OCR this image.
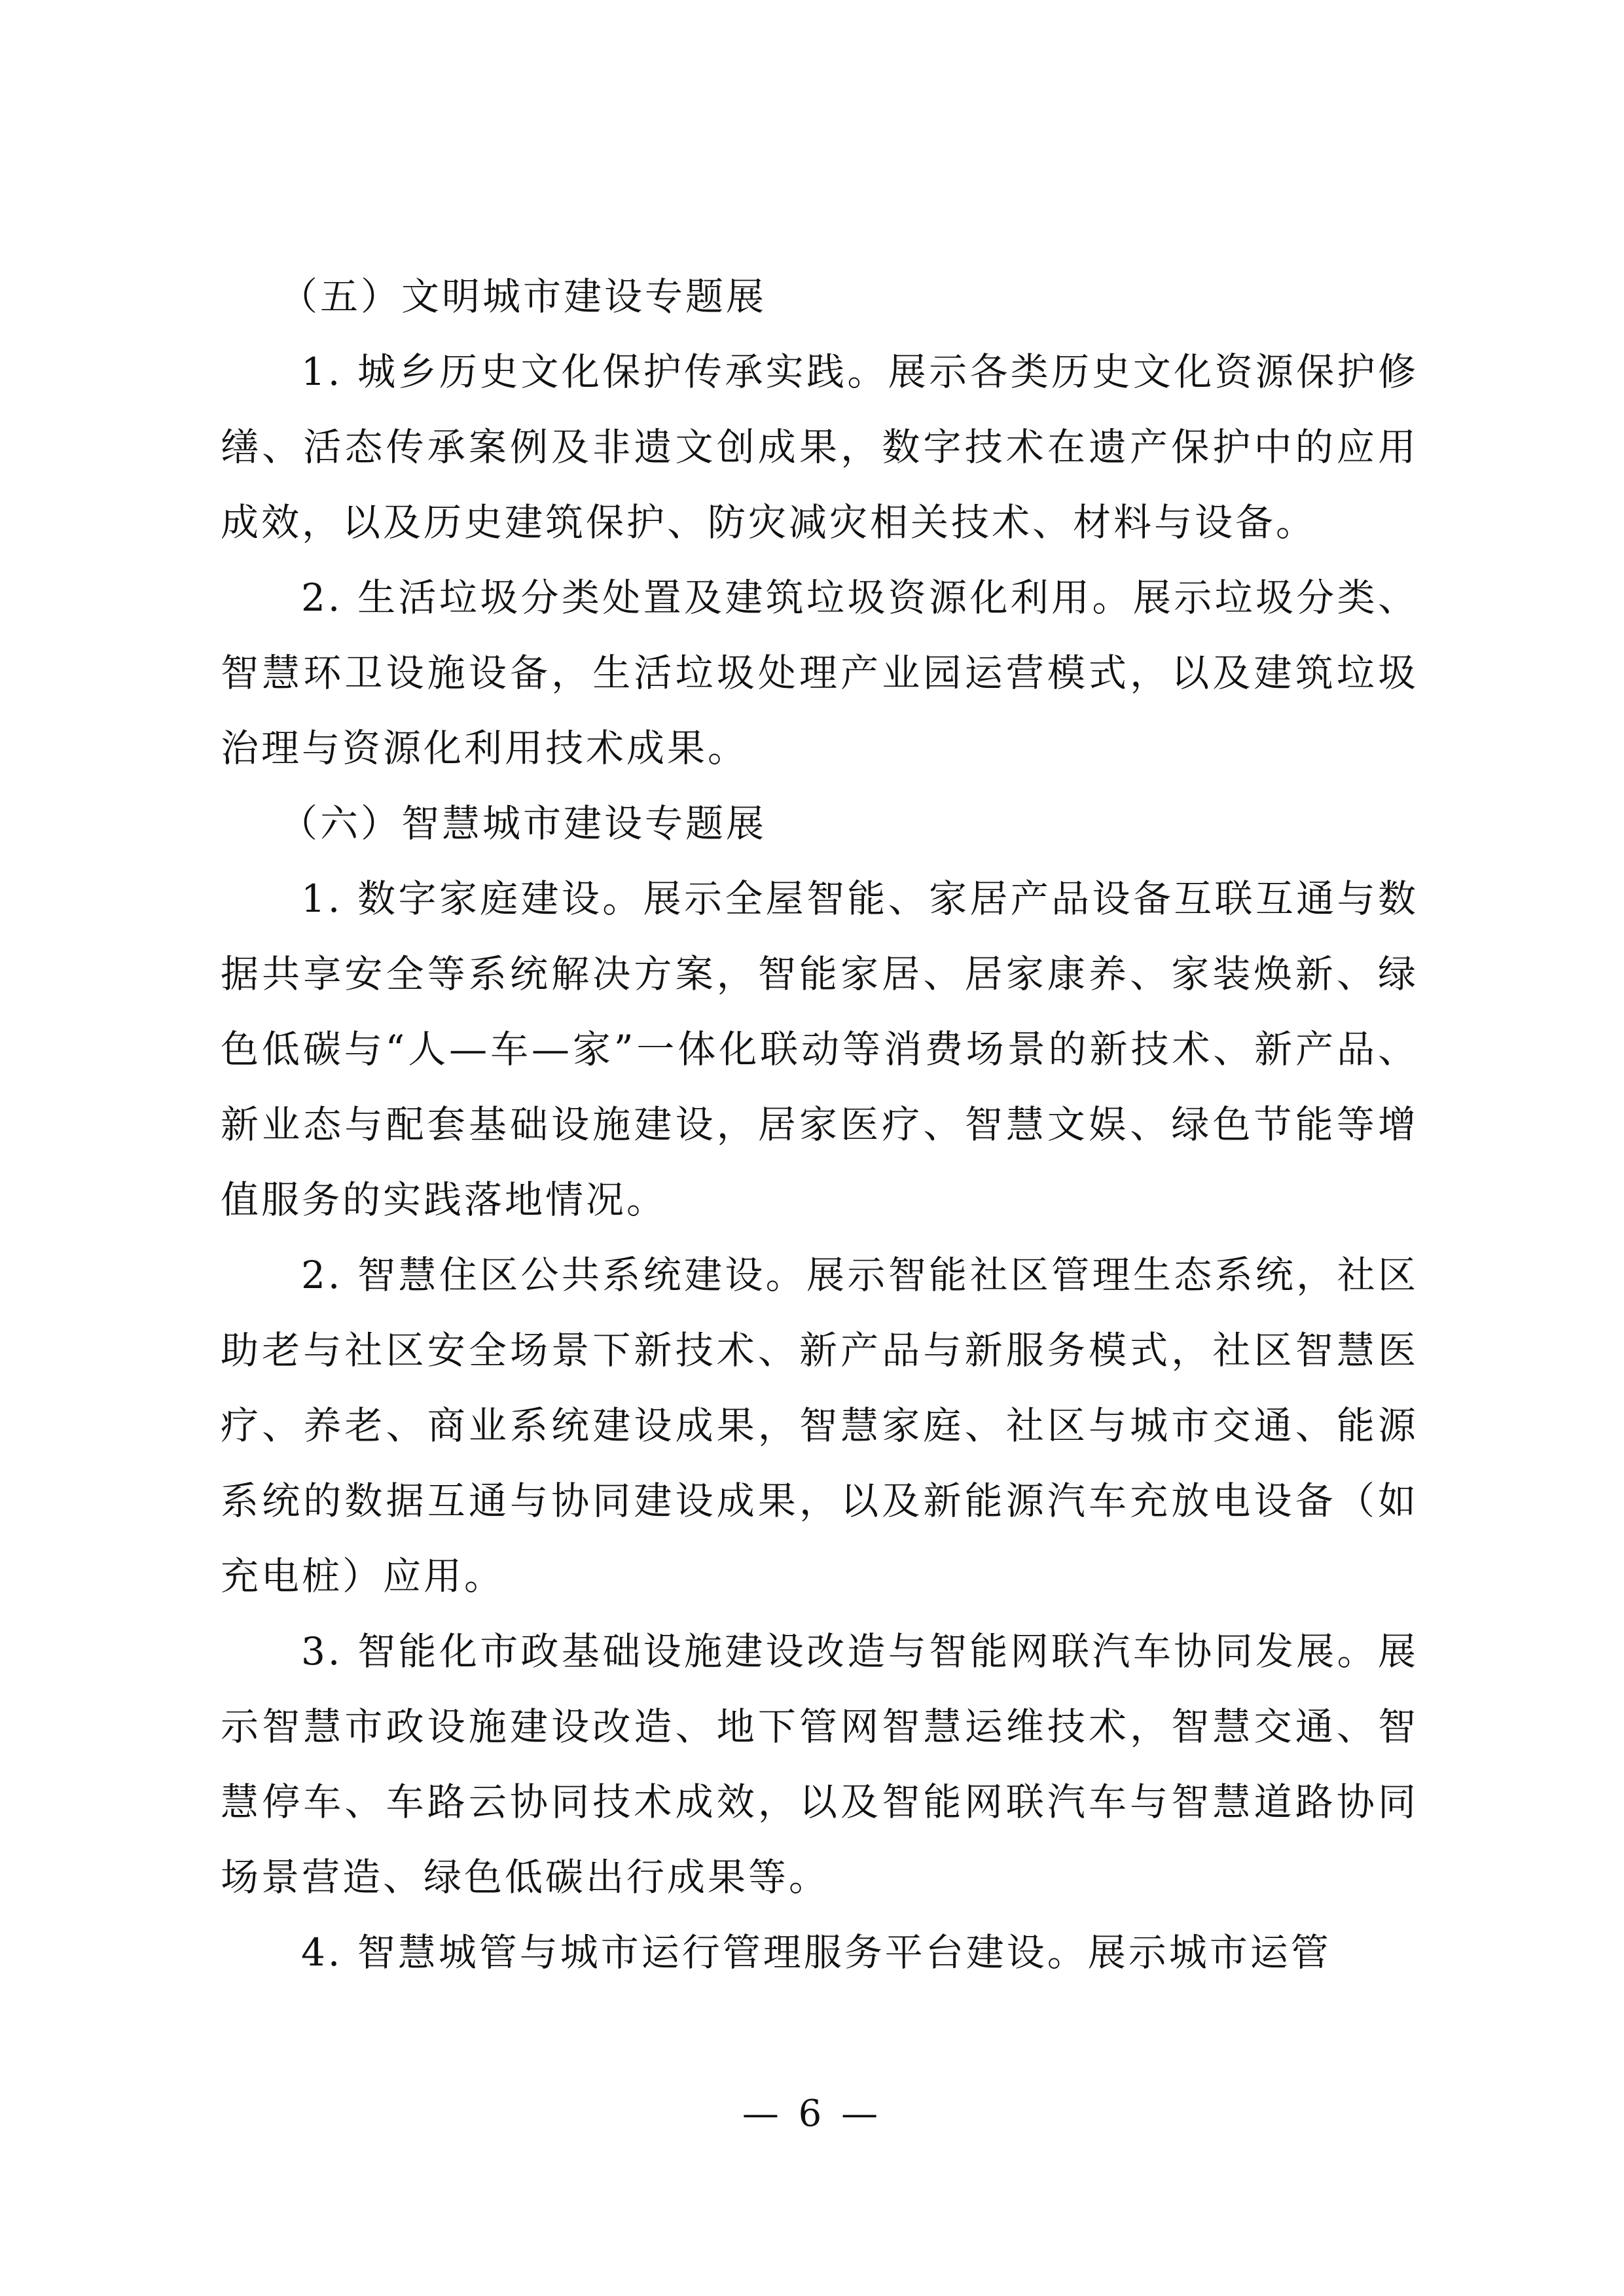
（五）文明城市建设专题展

1. 城乡历史文化保护传承实践。展示各类历史文化资源保护修缮、活态传承案例及非遗文创成果，数字技术在遗产保护中的应用成效，以及历史建筑保护、防灾减灾相关技术、材料与设备。

2. 生活垃圾分类处置及建筑垃圾资源化利用。展示垃圾分类、智慧环卫设施设备，生活垃圾处理产业园运营模式，以及建筑垃圾治理与资源化利用技术成果。

（六）智慧城市建设专题展

1. 数字家庭建设。展示全屋智能、家居产品设备互联互通与数据共享安全等系统解决方案，智能家居、居家康养、家装焕新、绿色低碳与“人—车—家”一体化联动等消费场景的新技术、新产品、新业态与配套基础设施建设，居家医疗、智慧文娱、绿色节能等增值服务的实践落地情况。

2. 智慧住区公共系统建设。展示智能社区管理生态系统，社区助老与社区安全场景下新技术、新产品与新服务模式，社区智慧医疗、养老、商业系统建设成果，智慧家庭、社区与城市交通、能源系统的数据互通与协同建设成果，以及新能源汽车充放电设备（如充电桩）应用。

3. 智能化市政基础设施建设改造与智能网联汽车协同发展。展示智慧市政设施建设改造、地下管网智慧运维技术，智慧交通、智慧停车、车路云协同技术成效，以及智能网联汽车与智慧道路协同场景营造、绿色低碳出行成果等。

4. 智慧城管与城市运行管理服务平台建设。展示城市运管

— 6 —
